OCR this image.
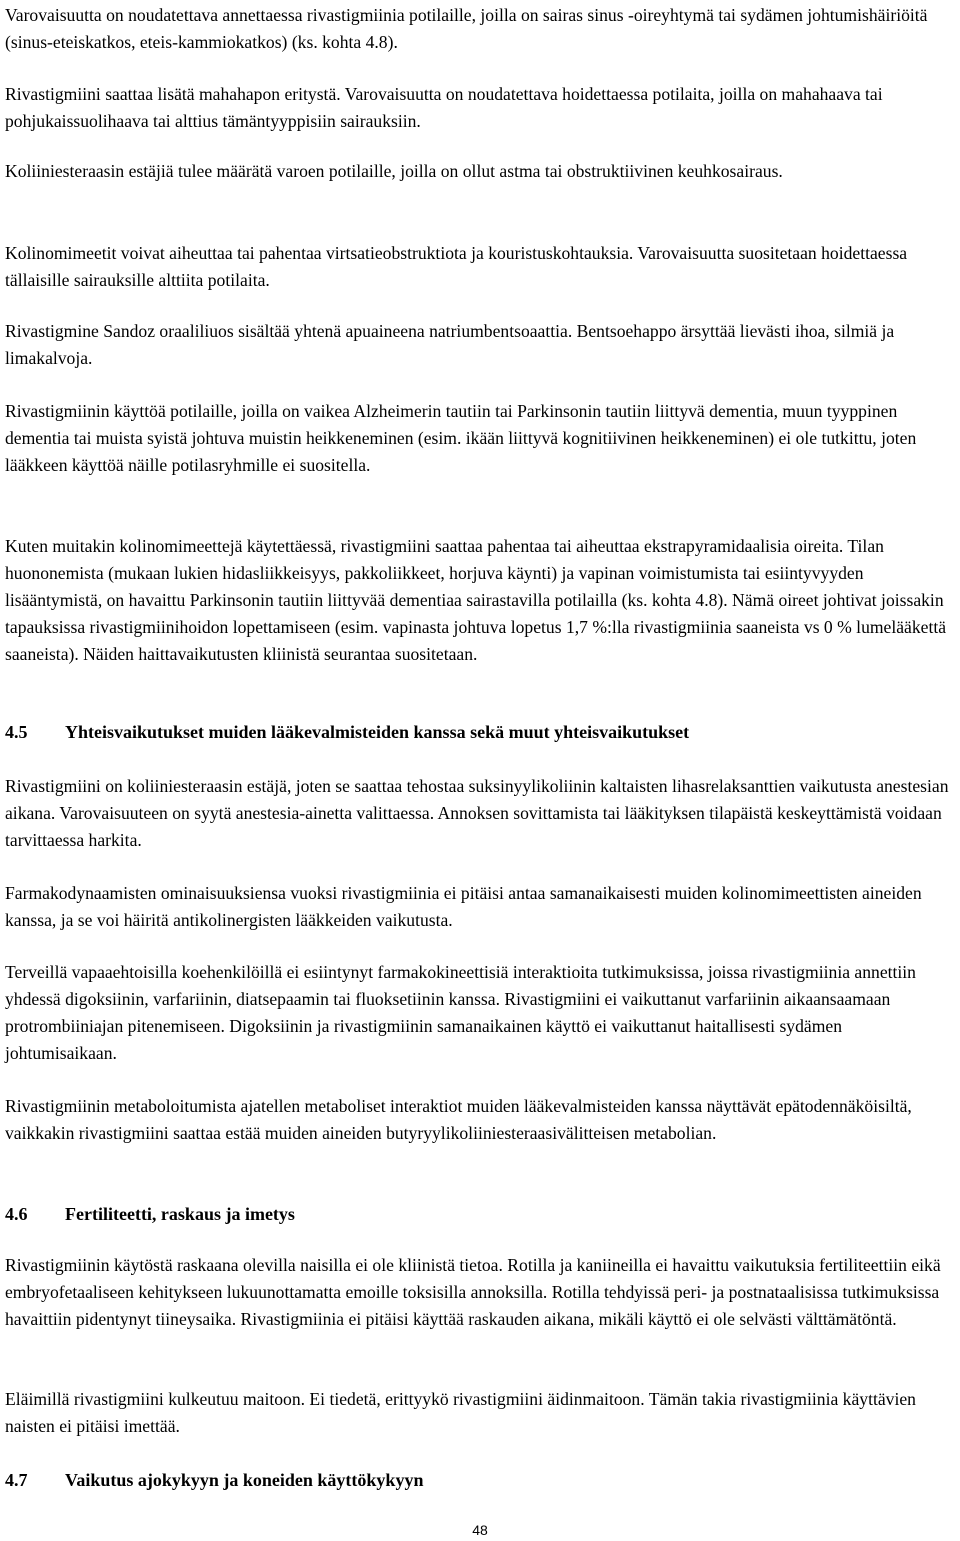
Varovaisuutta on noudatettava annettaessa rivastigmiinia potilaille, joilla on sairas sinus -oireyhtymä tai sydämen johtumishäiriöitä (sinus-eteiskatkos, eteis-kammiokatkos) (ks. kohta 4.8).

Rivastigmiini saattaa lisätä mahahapon eritystä. Varovaisuutta on noudatettava hoidettaessa potilaita, joilla on mahahaava tai pohjukaissuolihaava tai alttius tämäntyyppisiin sairauksiin.

Koliiniesteraasin estäjiä tulee määrätä varoen potilaille, joilla on ollut astma tai obstruktiivinen keuhkosairaus.

Kolinomimeetit voivat aiheuttaa tai pahentaa virtsatieobstruktiota ja kouristuskohtauksia. Varovaisuutta suositetaan hoidettaessa tällaisille sairauksille alttiita potilaita.

Rivastigmine Sandoz oraaliliuos sisältää yhtenä apuaineena natriumbentsoaattia. Bentsoehappo ärsyttää lievästi ihoa, silmiä ja limakalvoja.

Rivastigmiinin käyttöä potilaille, joilla on vaikea Alzheimerin tautiin tai Parkinsonin tautiin liittyvä dementia, muun tyyppinen dementia tai muista syistä johtuva muistin heikkeneminen (esim. ikään liittyvä kognitiivinen heikkeneminen) ei ole tutkittu, joten lääkkeen käyttöä näille potilasryhmille ei suositella.

Kuten muitakin kolinomimeettejä käytettäessä, rivastigmiini saattaa pahentaa tai aiheuttaa ekstrapyramidaalisia oireita. Tilan huononemista (mukaan lukien hidasliikkeisyys, pakkoliikkeet, horjuva käynti) ja vapinan voimistumista tai esiintyvyyden lisääntymistä, on havaittu Parkinsonin tautiin liittyvää dementiaa sairastavilla potilailla (ks. kohta 4.8). Nämä oireet johtivat joissakin tapauksissa rivastigmiinihoidon lopettamiseen (esim. vapinasta johtuva lopetus 1,7 %:lla rivastigmiinia saaneista vs 0 % lumelääkettä saaneista). Näiden haittavaikutusten kliinistä seurantaa suositetaan.

4.5 Yhteisvaikutukset muiden lääkevalmisteiden kanssa sekä muut yhteisvaikutukset

Rivastigmiini on koliiniesteraasin estäjä, joten se saattaa tehostaa suksinyylikoliinin kaltaisten lihasrelaksanttien vaikutusta anestesian aikana. Varovaisuuteen on syytä anestesia-ainetta valittaessa. Annoksen sovittamista tai lääkityksen tilapäistä keskeyttämistä voidaan tarvittaessa harkita.

Farmakodynaamisten ominaisuuksiensa vuoksi rivastigmiinia ei pitäisi antaa samanaikaisesti muiden kolinomimeettisten aineiden kanssa, ja se voi häiritä antikolinergisten lääkkeiden vaikutusta.

Terveillä vapaaehtoisilla koehenkilöillä ei esiintynyt farmakokineettisiä interaktioita tutkimuksissa, joissa rivastigmiinia annettiin yhdessä digoksiinin, varfariinin, diatsepaamin tai fluoksetiinin kanssa. Rivastigmiini ei vaikuttanut varfariinin aikaansaamaan protrombiiniajan pitenemiseen. Digoksiinin ja rivastigmiinin samanaikainen käyttö ei vaikuttanut haitallisesti sydämen johtumisaikaan.

Rivastigmiinin metaboloitumista ajatellen metaboliset interaktiot muiden lääkevalmisteiden kanssa näyttävät epätodennäköisiltä, vaikkakin rivastigmiini saattaa estää muiden aineiden butyryylikoliiniesteraasivälitteisen metabolian.

4.6 Fertiliteetti, raskaus ja imetys

Rivastigmiinin käytöstä raskaana olevilla naisilla ei ole kliinistä tietoa. Rotilla ja kaniineilla ei havaittu vaikutuksia fertiliteettiin eikä embryofetaaliseen kehitykseen lukuunottamatta emoille toksisilla annoksilla. Rotilla tehdyissä peri- ja postnataalisissa tutkimuksissa havaittiin pidentynyt tiineysaika. Rivastigmiinia ei pitäisi käyttää raskauden aikana, mikäli käyttö ei ole selvästi välttämätöntä.

Eläimillä rivastigmiini kulkeutuu maitoon. Ei tiedetä, erittyykö rivastigmiini äidinmaitoon. Tämän takia rivastigmiinia käyttävien naisten ei pitäisi imettää.

4.7 Vaikutus ajokykyyn ja koneiden käyttökykyyn
48
